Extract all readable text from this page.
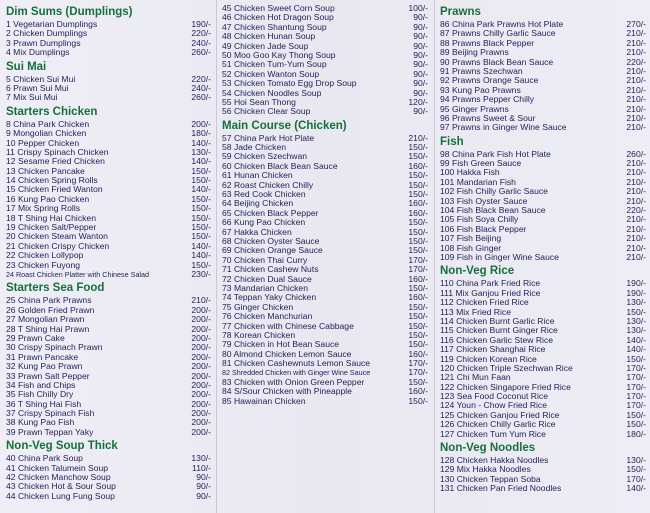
Dim Sums (Dumplings)
1 Vegetarian Dumplings	190/-
2 Chicken Dumplings	220/-
3 Prawn Dumplings	240/-
4 Mix Dumplings	260/-
Sui Mai
5 Chicken Sui Mui	220/-
6 Prawn Sui Mui	240/-
7 Mix Sui Mui	260/-
Starters Chicken
8 China Park Chicken	200/-
9 Mongolian Chicken	180/-
10 Pepper Chicken	140/-
11 Crispy Spinach Chicken	130/-
12 Sesame Fried Chicken	140/-
13 Chicken Pancake	150/-
14 Chicken Spring Rolls	150/-
15 Chicken Fried Wanton	140/-
16 Kung Pao Chicken	150/-
17 Mix Spring Rolls	150/-
18 T Shing Hai Chicken	150/-
19 Chicken Salt/Pepper	150/-
20 Chicken Steam Wanton	150/-
21 Chicken Crispy Chicken	140/-
22 Chicken Lollypop	140/-
23 Chicken Fuyong	150/-
24 Roast Chicken Platter with Chinese Salad	230/-
Starters Sea Food
25 China Park Prawns	210/-
26 Golden Fried Prawn	200/-
27 Mongolian Prawn	200/-
28 T Shing Hai Prawn	200/-
29 Prawn Cake	200/-
30 Crispy Spinach Prawn	200/-
31 Prawn Pancake	200/-
32 Kung Pao Prawn	200/-
33 Prawn Salt Pepper	200/-
34 Fish and Chips	200/-
35 Fish Chilly Dry	200/-
36 T Shing Hai Fish	200/-
37 Crispy Spinach Fish	200/-
38 Kung Pao Fish	200/-
39 Prawn Teppan Yaky	200/-
Non-Veg Soup Thick
40 China Park Soup	130/-
41 Chicken Talumein Soup	110/-
42 Chicken Manchow Soup	90/-
43 Chicken Hot & Sour Soup	90/-
44 Chicken Lung Fung Soup	90/-
45 Chicken Sweet Corn Soup	100/-
46 Chicken Hot Dragon Soup	90/-
47 Chicken Shantung Soup	90/-
48 Chicken Hunan Soup	90/-
49 Chicken Jade Soup	90/-
50 Moo Goo Kay Thong Soup	90/-
51 Chicken Tum-Yum Soup	90/-
52 Chicken Wanton Soup	90/-
53 Chicken Tomato Egg Drop Soup	90/-
54 Chicken Noodles Soup	90/-
55 Hoi Sean Thong	120/-
56 Chicken Clear Soup	90/-
Main Course (Chicken)
57 China Park Hot Plate	210/-
58 Jade Chicken	150/-
59 Chicken Szechwan	150/-
60 Chicken Black Bean Sauce	160/-
61 Hunan Chicken	150/-
62 Roast Chicken Chilly	150/-
63 Red Cook Chicken	150/-
64 Beijing Chicken	160/-
65 Chicken Black Pepper	160/-
66 Kung Pao Chicken	150/-
67 Hakka Chicken	150/-
68 Chicken Oyster Sauce	150/-
69 Chicken Orange Sauce	150/-
70 Chicken Thai Curry	170/-
71 Chicken Cashew Nuts	170/-
72 Chicken Dual Sauce	160/-
73 Mandarian Chicken	150/-
74 Teppan Yaky Chicken	160/-
75 Ginger Chicken	150/-
76 Chicken Manchurian	150/-
77 Chicken with Chinese Cabbage	150/-
78 Korean Chicken	150/-
79 Chicken in Hot Bean Sauce	150/-
80 Almond Chicken Lemon Sauce	160/-
81 Chicken Cashewnuts Lemon Sauce	170/-
82 Shredded Chicken with Ginger Wine Sauce	170/-
83 Chicken with Onion Green Pepper	150/-
84 S/Sour Chicken with Pineapple	160/-
85 Hawainan Chicken	150/-
Prawns
86 China Park Prawns Hot Plate	270/-
87 Prawns Chilly Garlic Sauce	210/-
88 Prawns Black Pepper	210/-
89 Beijing Prawns	210/-
90 Prawns Black Bean Sauce	220/-
91 Prawns Szechwan	210/-
92 Prawns Orange Sauce	210/-
93 Kung Pao Prawns	210/-
94 Prawns Pepper Chilly	210/-
95 Ginger Prawns	210/-
96 Prawns Sweet & Sour	210/-
97 Prawns in Ginger Wine Sauce	210/-
Fish
98 China Park Fish Hot Plate	260/-
99 Fish Green Sauce	210/-
100 Hakka Fish	210/-
101 Mandarian Fish	210/-
102 Fish Chilly Garlic Sauce	210/-
103 Fish Oyster Sauce	210/-
104 Fish Black Bean Sauce	220/-
105 Fish Soya Chilly	210/-
106 Fish Black Pepper	210/-
107 Fish Beijing	210/-
108 Fish Ginger	210/-
109 Fish in Ginger Wine Sauce	210/-
Non-Veg Rice
110 China Park Fried Rice	190/-
111 Mix Ganjou Fried Rice	190/-
112 Chicken Fried Rice	130/-
113 Mix Fried Rice	150/-
114 Chicken Burnt Garlic Rice	130/-
115 Chicken Burnt Ginger Rice	130/-
116 Chicken Garlic Stew Rice	140/-
117 Chicken Shanghai Rice	140/-
119 Chicken Korean Rice	150/-
120 Chicken Triple Szechwan Rice	170/-
121 Chi Mun Faan	170/-
122 Chicken Singapore Fried Rice	170/-
123 Sea Food Coconut Rice	170/-
124 Youn - Chow Fried Rice	170/-
125 Chicken Ganjou Fried Rice	150/-
126 Chicken Chilly Garlic Rice	150/-
127 Chicken Tum Yum Rice	180/-
Non-Veg Noodles
128 Chicken Hakka Noodles	130/-
129 Mix Hakka Noodles	150/-
130 Chicken Teppan Soba	170/-
131 Chicken Pan Fried Noodles	140/-
